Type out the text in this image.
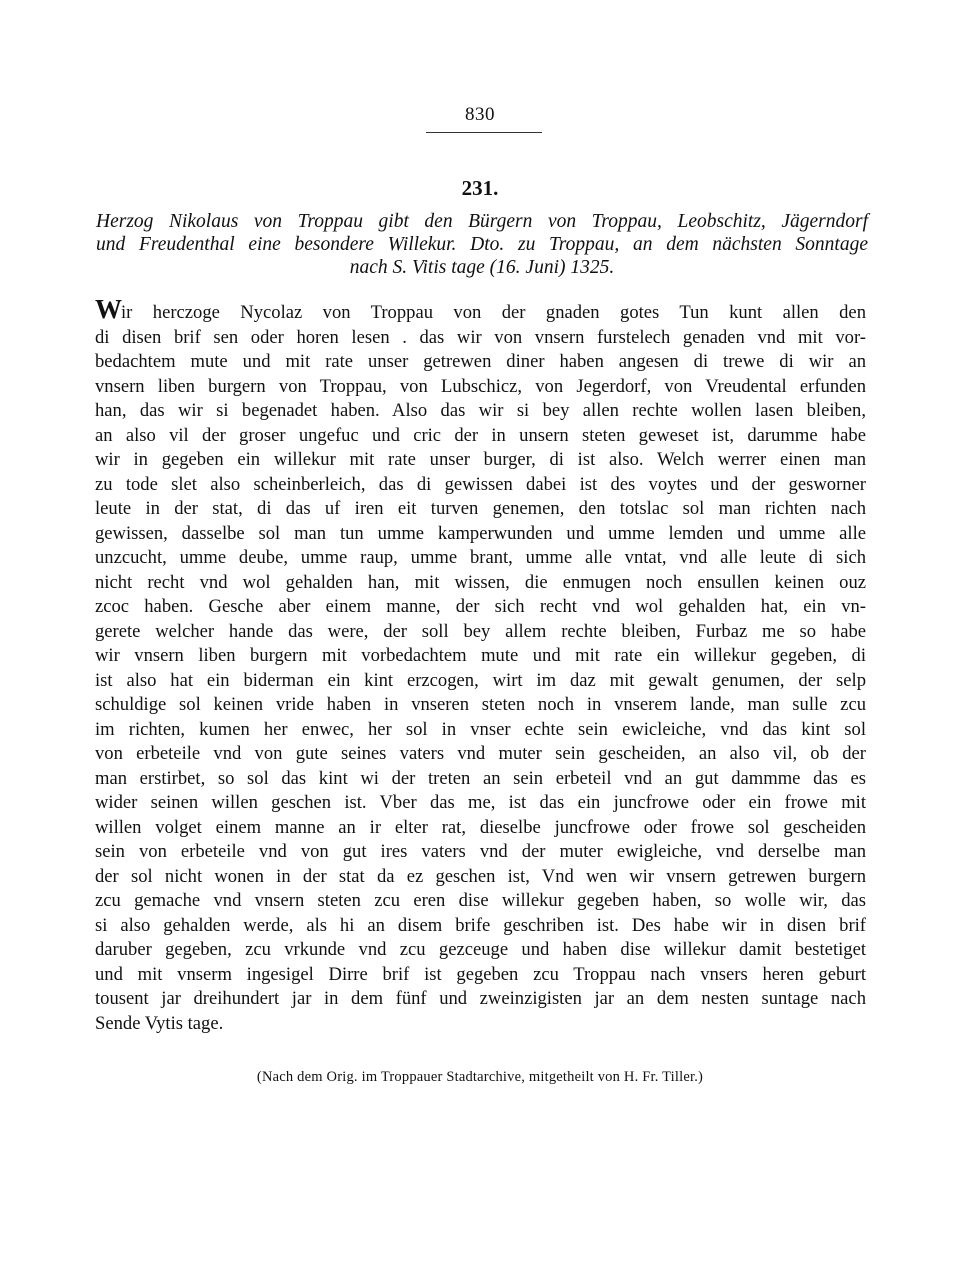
830
231.
Herzog Nikolaus von Troppau gibt den Bürgern von Troppau, Leobschitz, Jägerndorf
und Freudenthal eine besondere Willekur. Dto. zu Troppau, an dem nächsten Sonntage
nach S. Vitis tage (16. Juni) 1325.
Wir herczoge Nycolaz von Troppau von der gnaden gotes Tun kunt allen den
di disen brif sen oder horen lesen . das wir von vnsern furstelech genaden vnd mit vor-
bedachtem mute und mit rate unser getrewen diner haben angesen di trewe di wir an
vnsern liben burgern von Troppau, von Lubschicz, von Jegerdorf, von Vreudental erfunden
han, das wir si begenadet haben. Also das wir si bey allen rechte wollen lasen bleiben,
an also vil der groser ungefuc und cric der in unsern steten geweset ist, darumme habe
wir in gegeben ein willekur mit rate unser burger, di ist also. Welch werrer einen man
zu tode slet also scheinberleich, das di gewissen dabei ist des voytes und der gesworner
leute in der stat, di das uf iren eit turven genemen, den totslac sol man richten nach
gewissen, dasselbe sol man tun umme kamperwunden und umme lemden und umme alle
unzcucht, umme deube, umme raup, umme brant, umme alle vntat, vnd alle leute di sich
nicht recht vnd wol gehalden han, mit wissen, die enmugen noch ensullen keinen ouz
zcoc haben. Gesche aber einem manne, der sich recht vnd wol gehalden hat, ein vn-
gerete welcher hande das were, der soll bey allem rechte bleiben, Furbaz me so habe
wir vnsern liben burgern mit vorbedachtem mute und mit rate ein willekur gegeben, di
ist also hat ein biderman ein kint erzcogen, wirt im daz mit gewalt genumen, der selp
schuldige sol keinen vride haben in vnseren steten noch in vnserem lande, man sulle zcu
im richten, kumen her enwec, her sol in vnser echte sein ewicleiche, vnd das kint sol
von erbeteile vnd von gute seines vaters vnd muter sein gescheiden, an also vil, ob der
man erstirbet, so sol das kint wi der treten an sein erbeteil vnd an gut dammme das es
wider seinen willen geschen ist. Vber das me, ist das ein juncfrowe oder ein frowe mit
willen volget einem manne an ir elter rat, dieselbe juncfrowe oder frowe sol gescheiden
sein von erbeteile vnd von gut ires vaters vnd der muter ewigleiche, vnd derselbe man
der sol nicht wonen in der stat da ez geschen ist, Vnd wen wir vnsern getrewen burgern
zcu gemache vnd vnsern steten zcu eren dise willekur gegeben haben, so wolle wir, das
si also gehalden werde, als hi an disem brife geschriben ist. Des habe wir in disen brif
daruber gegeben, zcu vrkunde vnd zcu gezceuge und haben dise willekur damit bestetiget
und mit vnserm ingesigel Dirre brif ist gegeben zcu Troppau nach vnsers heren geburt
tousent jar dreihundert jar in dem fünf und zweinzigisten jar an dem nesten suntage nach
Sende Vytis tage.
(Nach dem Orig. im Troppauer Stadtarchive, mitgetheilt von H. Fr. Tiller.)
